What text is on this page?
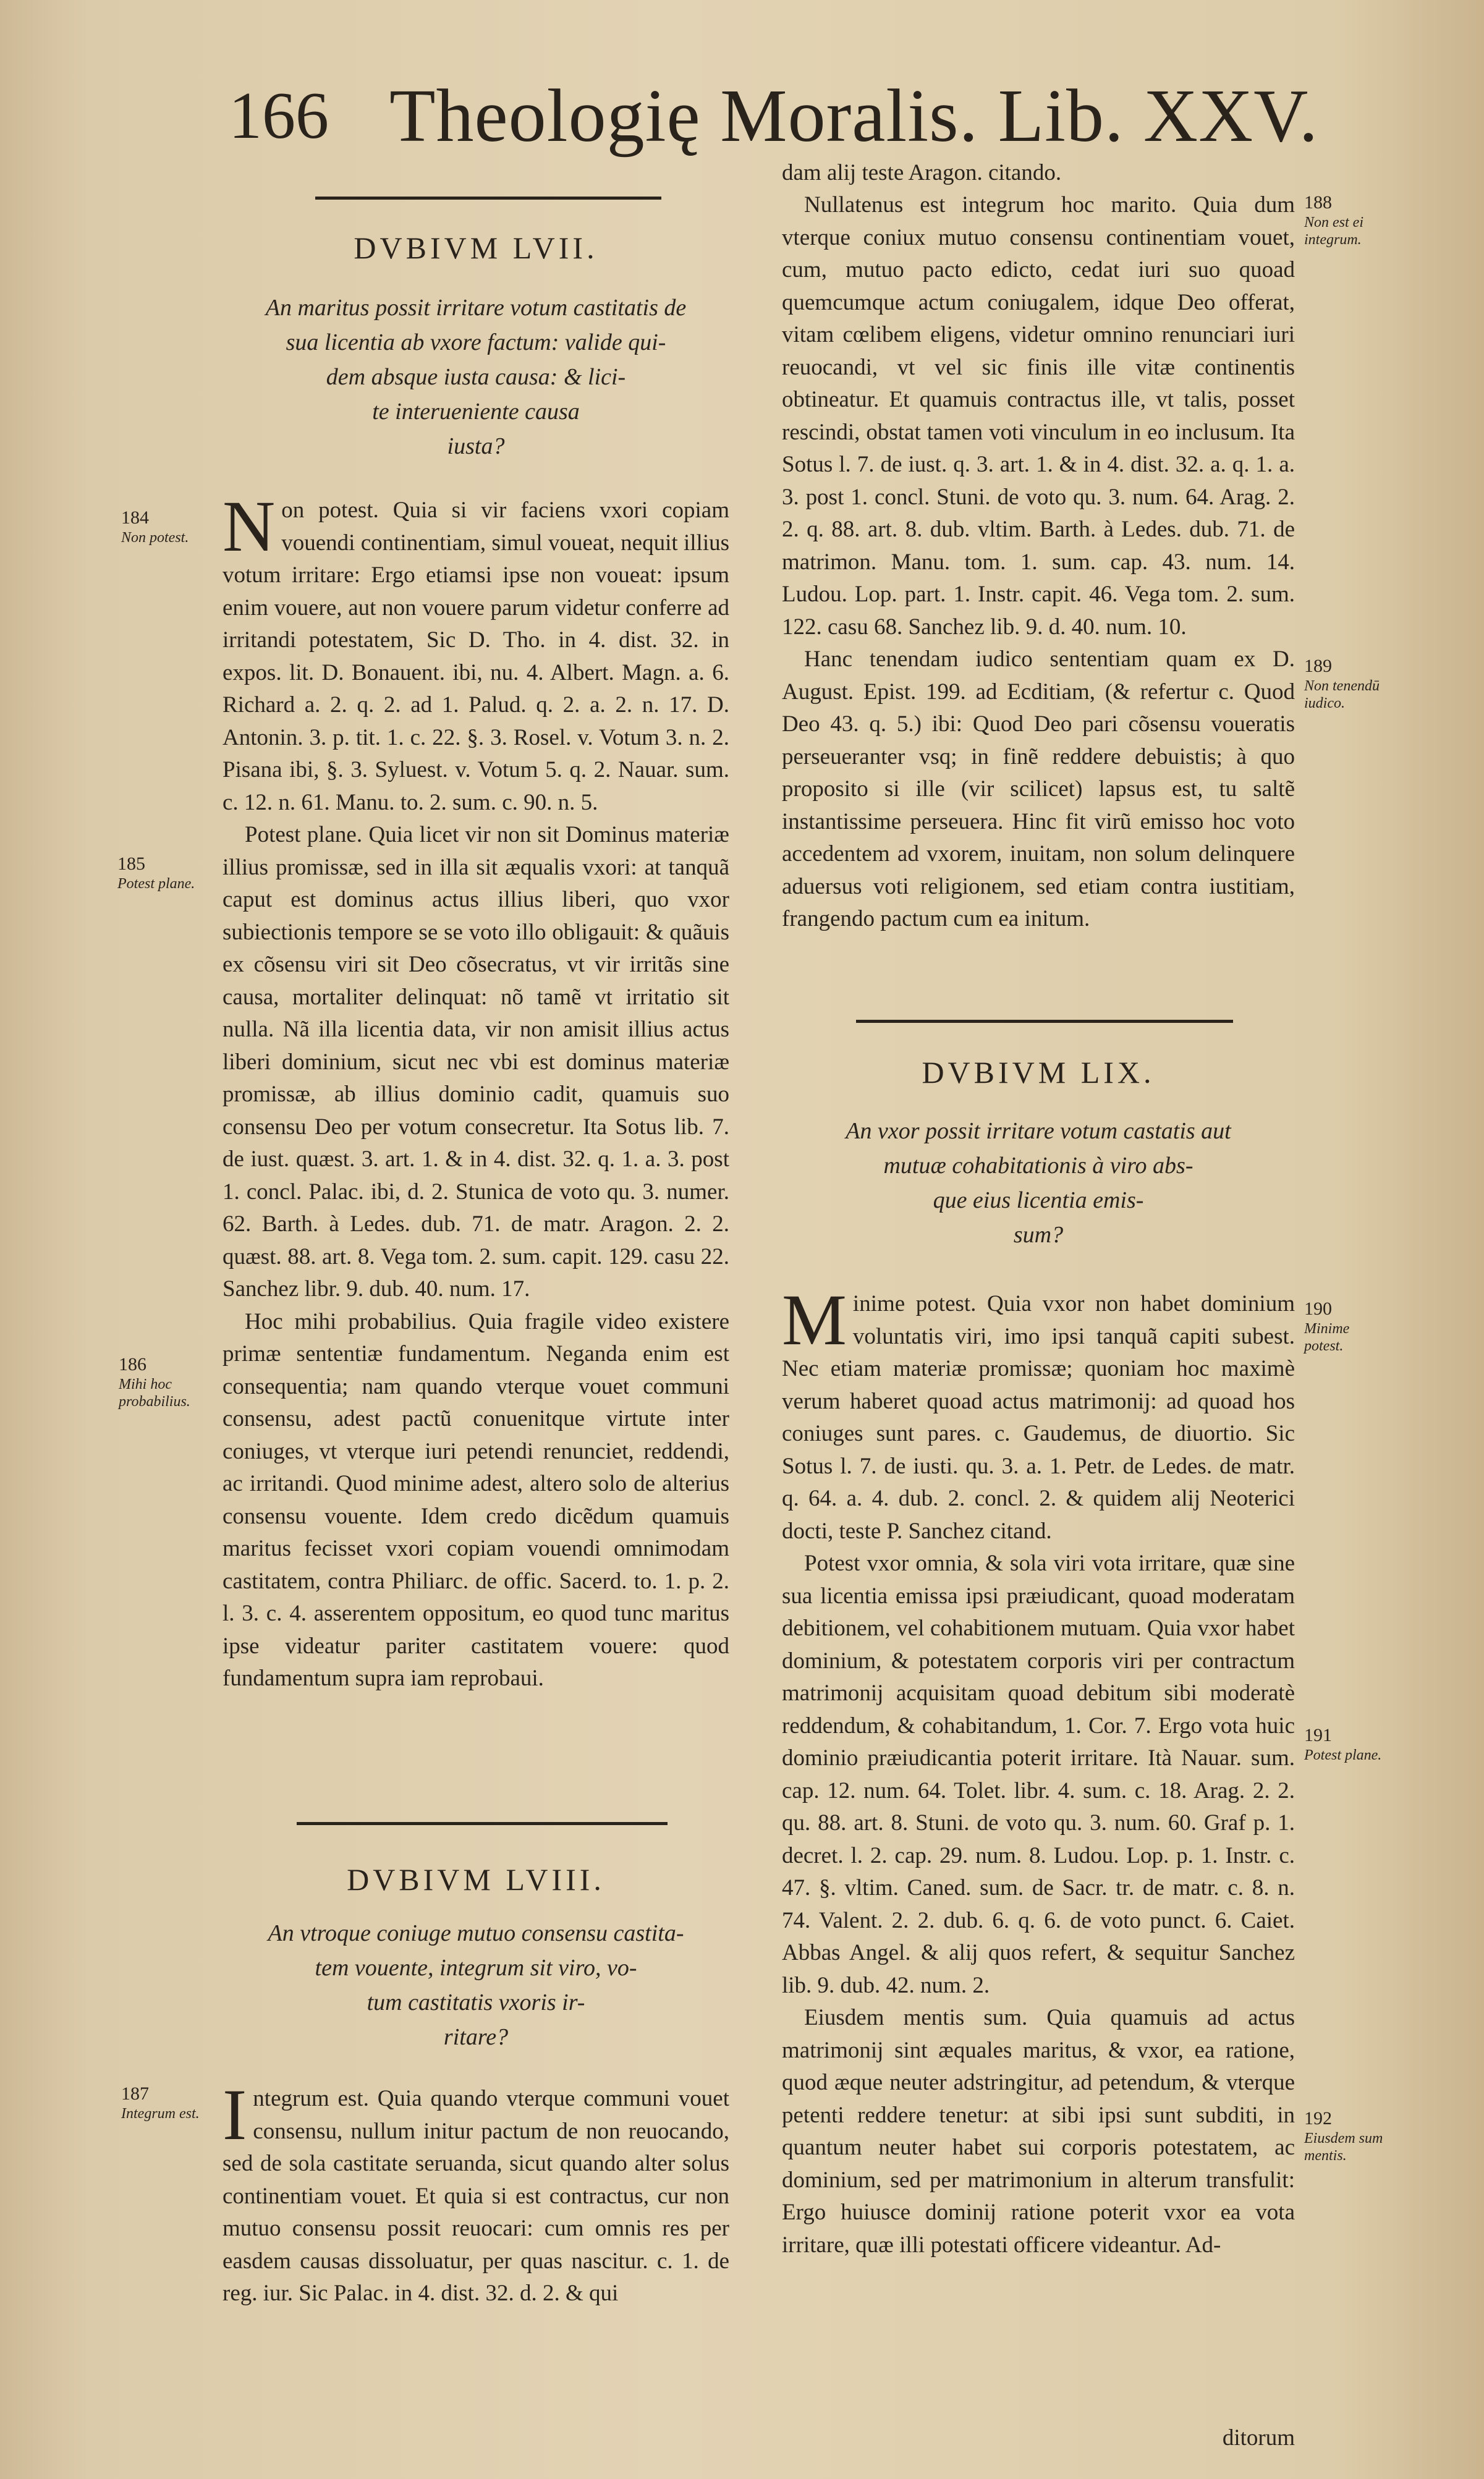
166 Theologię Moralis. Lib. XXV.
DVBIVM LVII.
An maritus possit irritare votum castitatis de
sua licentia ab vxore factum: valide qui-
dem absque iusta causa: & lici-
te interueniente causa
iusta?

Non potest. Quia si vir faciens vxori copiam vouendi continentiam, simul voueat, nequit illius votum irritare: Ergo etiamsi ipse non voueat: ipsum enim vouere, aut non vouere parum videtur conferre ad irritandi potestatem, Sic D. Tho. in 4. dist. 32. in expos. lit. D. Bonauent. ibi, nu. 4. Albert. Magn. a. 6. Richard a. 2. q. 2. ad 1. Palud. q. 2. a. 2. n. 17. D. Antonin. 3. p. tit. 1. c. 22. §. 3. Rosel. v. Votum 3. n. 2. Pisana ibi, §. 3. Syluest. v. Votum 5. q. 2. Nauar. sum. c. 12. n. 61. Manu. to. 2. sum. c. 90. n. 5.

Potest plane. Quia licet vir non sit Dominus materiæ illius promissæ, sed in illa sit æqualis vxori: at tanquã caput est dominus actus illius liberi, quo vxor subiectionis tempore se se voto illo obligauit: & quãuis ex cõsensu viri sit Deo cõsecratus, vt vir irritãs sine causa, mortaliter delinquat: nõ tamẽ vt irritatio sit nulla. Nã illa licentia data, vir non amisit illius actus liberi dominium, sicut nec vbi est dominus materiæ promissæ, ab illius dominio cadit, quamuis suo consensu Deo per votum consecretur. Ita Sotus lib. 7. de iust. quæst. 3. art. 1. & in 4. dist. 32. q. 1. a. 3. post 1. concl. Palac. ibi, d. 2. Stunica de voto qu. 3. numer. 62. Barth. à Ledes. dub. 71. de matr. Aragon. 2. 2. quæst. 88. art. 8. Vega tom. 2. sum. capit. 129. casu 22. Sanchez libr. 9. dub. 40. num. 17.

Hoc mihi probabilius. Quia fragile video existere primæ sententiæ fundamentum. Neganda enim est consequentia; nam quando vterque vouet communi consensu, adest pactũ conuenitque virtute inter coniuges, vt vterque iuri petendi renunciet, reddendi, ac irritandi. Quod minime adest, altero solo de alterius consensu vouente. Idem credo dicẽdum quamuis maritus fecisset vxori copiam vouendi omnimodam castitatem, contra Philiarc. de offic. Sacerd. to. 1. p. 2. l. 3. c. 4. asserentem oppositum, eo quod tunc maritus ipse videatur pariter castitatem vouere: quod fundamentum supra iam reprobaui.

DVBIVM LVIII.
An vtroque coniuge mutuo consensu castita-
tem vouente, integrum sit viro, vo-
tum castitatis vxoris ir-
ritare?

Integrum est. Quia quando vterque communi vouet consensu, nullum initur pactum de non reuocando, sed de sola castitate seruanda, sicut quando alter solus continentiam vouet. Et quia si est contractus, cur non mutuo consensu possit reuocari: cum omnis res per easdem causas dissoluatur, per quas nascitur. c. 1. de reg. iur. Sic Palac. in 4. dist. 32. d. 2. & qui

dam alij teste Aragon. citando.

Nullatenus est integrum hoc marito. Quia dum vterque coniux mutuo consensu continentiam vouet, cum, mutuo pacto edicto, cedat iuri suo quoad quemcumque actum coniugalem, idque Deo offerat, vitam cœlibem eligens, videtur omnino renunciari iuri reuocandi, vt vel sic finis ille vitæ continentis obtineatur. Et quamuis contractus ille, vt talis, posset rescindi, obstat tamen voti vinculum in eo inclusum. Ita Sotus l. 7. de iust. q. 3. art. 1. & in 4. dist. 32. a. q. 1. a. 3. post 1. concl. Stuni. de voto qu. 3. num. 64. Arag. 2. 2. q. 88. art. 8. dub. vltim. Barth. à Ledes. dub. 71. de matrimon. Manu. tom. 1. sum. cap. 43. num. 14. Ludou. Lop. part. 1. Instr. capit. 46. Vega tom. 2. sum. 122. casu 68. Sanchez lib. 9. d. 40. num. 10.

Hanc tenendam iudico sententiam quam ex D. August. Epist. 199. ad Ecditiam, (& refertur c. Quod Deo 43. q. 5.) ibi: Quod Deo pari cõsensu voueratis perseueranter vsq; in finẽ reddere debuistis; à quo proposito si ille (vir scilicet) lapsus est, tu saltẽ instantissime perseuera. Hinc fit virũ emisso hoc voto accedentem ad vxorem, inuitam, non solum delinquere aduersus voti religionem, sed etiam contra iustitiam, frangendo pactum cum ea initum.

DVBIVM LIX.
An vxor possit irritare votum castatis aut
mutuæ cohabitationis à viro abs-
que eius licentia emis-
sum?

Minime potest. Quia vxor non habet dominium voluntatis viri, imo ipsi tanquã capiti subest. Nec etiam materiæ promissæ; quoniam hoc maximè verum haberet quoad actus matrimonij: ad quoad hos coniuges sunt pares. c. Gaudemus, de diuortio. Sic Sotus l. 7. de iusti. qu. 3. a. 1. Petr. de Ledes. de matr. q. 64. a. 4. dub. 2. concl. 2. & quidem alij Neoterici docti, teste P. Sanchez citand.

Potest vxor omnia, & sola viri vota irritare, quæ sine sua licentia emissa ipsi præiudicant, quoad moderatam debitionem, vel cohabitionem mutuam. Quia vxor habet dominium, & potestatem corporis viri per contractum matrimonij acquisitam quoad debitum sibi moderatè reddendum, & cohabitandum, 1. Cor. 7. Ergo vota huic dominio præiudicantia poterit irritare. Ità Nauar. sum. cap. 12. num. 64. Tolet. libr. 4. sum. c. 18. Arag. 2. 2. qu. 88. art. 8. Stuni. de voto qu. 3. num. 60. Graf p. 1. decret. l. 2. cap. 29. num. 8. Ludou. Lop. p. 1. Instr. c. 47. §. vltim. Caned. sum. de Sacr. tr. de matr. c. 8. n. 74. Valent. 2. 2. dub. 6. q. 6. de voto punct. 6. Caiet. Abbas Angel. & alij quos refert, & sequitur Sanchez lib. 9. dub. 42. num. 2.

Eiusdem mentis sum. Quia quamuis ad actus matrimonij sint æquales maritus, & vxor, ea ratione, quod æque neuter adstringitur, ad petendum, & vterque petenti reddere tenetur: at sibi ipsi sunt subditi, in quantum neuter habet sui corporis potestatem, ac dominium, sed per matrimonium in alterum transfulit: Ergo huiusce dominij ratione poterit vxor ea vota irritare, quæ illi potestati officere videantur. Ad-

ditorum
184
Non potest.
185
Potest plane.
186
Mihi hoc probabilius.
187
Integrum est.
188
Non est ei integrum.
189
Non tenendū iudico.
190
Minime potest.
191
Potest plane.
192
Eiusdem sum mentis.
